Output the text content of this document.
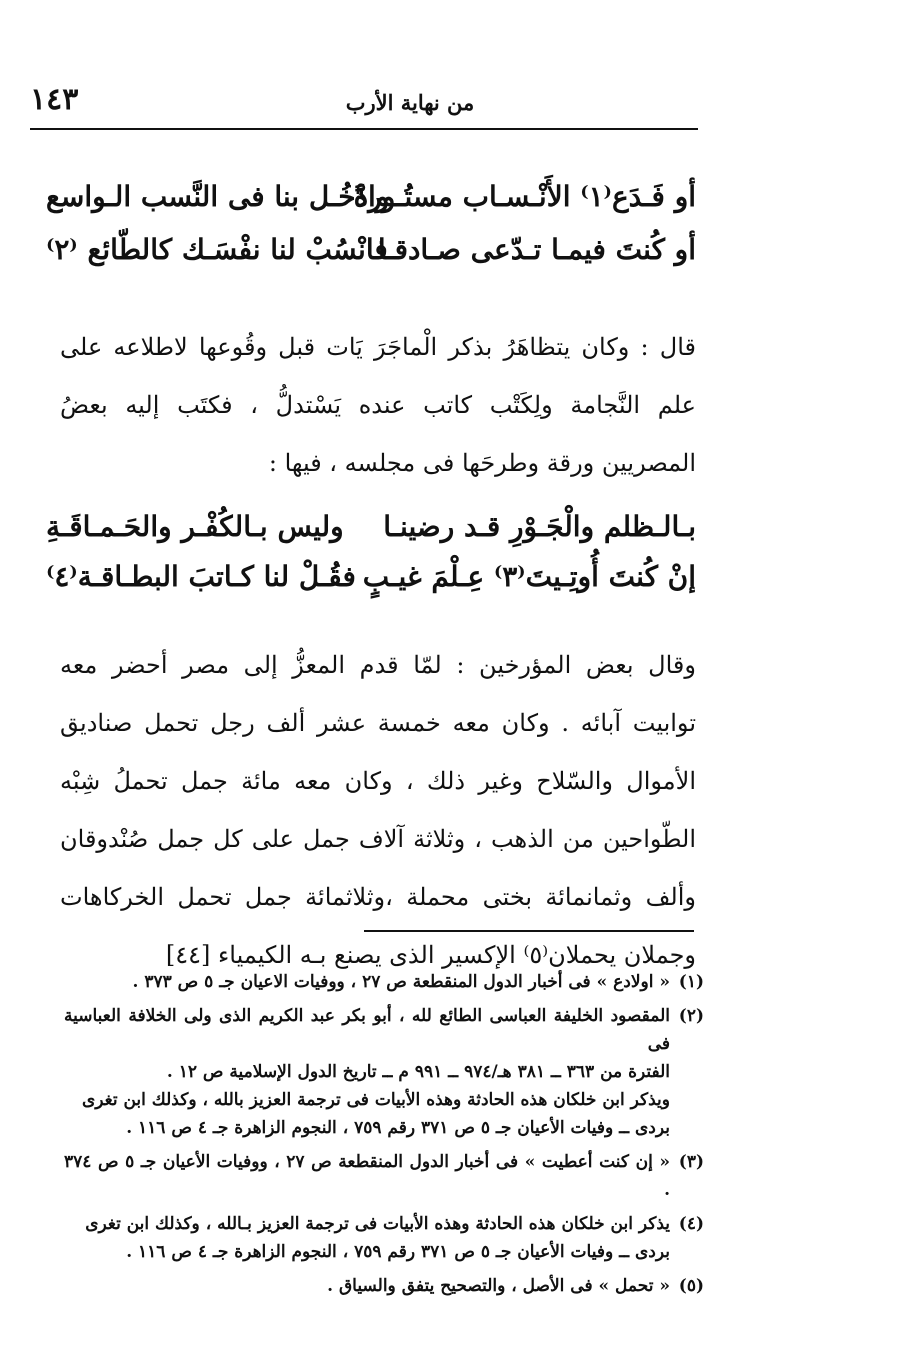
١٤٣	من نهاية الأرب
أو فَـدَع⁽١⁾ الأَنْـسـاب مستُـورةً
وادْخُـل بنا فى النَّسب الـواسع
أو كُنتَ فيمـا تـدّعى صـادقـا
فانْسُبْ لنا نفْسَـك كالطّائع ⁽٢⁾
قال : وكان يتظاهَرُ بذكر الْماجَرَ يَات قبل وقُوعها لاطلاعه على علم النَّجامة ولِكَتْب كاتب عنده يَسْتدلُّ ، فكتَب إليه بعضُ المصريين ورقة وطرحَها فى مجلسه ، فيها :
بـالـظلم والْجَـوْرِ قـد رضينـا
وليس بـالكُفْـر والحَـمـاقَـةِ
إنْ كُنتَ أُوتِـيتَ⁽٣⁾ عِـلْمَ غيـبٍ
فقُـلْ لنا كـاتبَ البطـاقـة⁽٤⁾
وقال بعض المؤرخين : لمّا قدم المعزُّ إلى مصر أحضر معه توابيت آبائه . وكان معه خمسة عشر ألف رجل تحمل صناديق الأموال والسّلاح وغير ذلك ، وكان معه مائة جمل تحملُ شِبْه الطّواحين من الذهب ، وثلاثة آلاف جمل على كل جمل صُنْدوقان وألف وثمانمائة بختى محملة ،وثلاثمائة جمل تحمل الخركاهات وجملان يحملان⁽٥⁾ الإكسير الذى يصنع بـه الكيمياء [٤٤]
(١)
« اولادع » فى أخبار الدول المنقطعة ص ٢٧ ، ووفيات الاعيان جـ ٥ ص ٣٧٣ .
(٢)
المقصود الخليفة العباسى الطائع لله ، أبو بكر عبد الكريم الذى ولى الخلافة العباسية فى
الفترة من ٣٦٣ ــ ٣٨١ هـ/٩٧٤ ــ ٩٩١ م ــ تاريخ الدول الإسلامية ص ١٢ .
ويذكر ابن خلكان هذه الحادثة وهذه الأبيات فى ترجمة العزيز بالله ، وكذلك ابن تغرى
بردى ــ وفيات الأعيان جـ ٥ ص ٣٧١ رقم ٧٥٩ ، النجوم الزاهرة جـ ٤ ص ١١٦ .
(٣)
« إن كنت أعطيت » فى أخبار الدول المنقطعة ص ٢٧ ، ووفيات الأعيان جـ ٥ ص ٣٧٤ .
(٤)
يذكر ابن خلكان هذه الحادثة وهذه الأبيات فى ترجمة العزيز بـالله ، وكذلك ابن تغرى
بردى ــ وفيات الأعيان جـ ٥ ص ٣٧١ رقم ٧٥٩ ، النجوم الزاهرة جـ ٤ ص ١١٦ .
(٥)
« تحمل » فى الأصل ، والتصحيح يتفق والسياق .
